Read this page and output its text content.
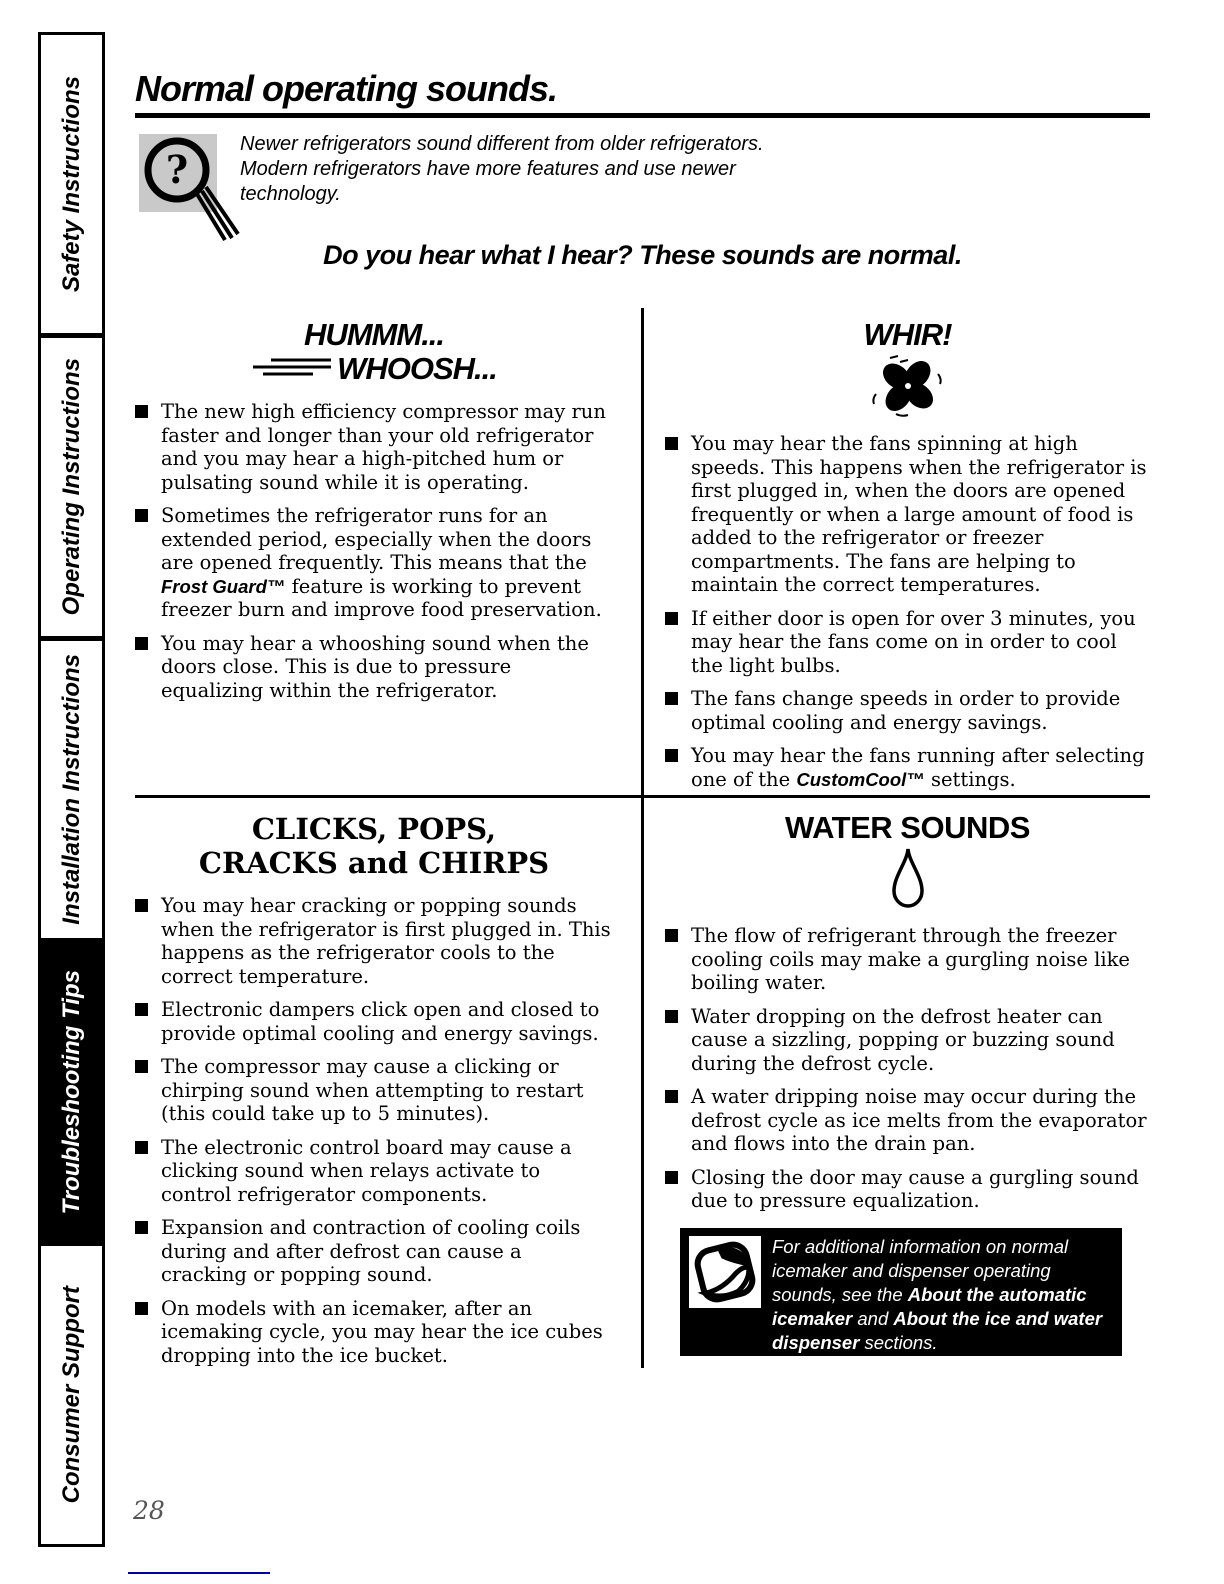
Safety Instructions
Operating Instructions
Installation Instructions
Troubleshooting Tips
Consumer Support
Normal operating sounds.
?

Newer refrigerators sound different from older refrigerators. Modern refrigerators have more features and use newer technology.

Do you hear what I hear? These sounds are normal.
HUMMM...
WHOOSH...
The new high efficiency compressor may run faster and longer than your old refrigerator and you may hear a high-pitched hum or pulsating sound while it is operating.
Sometimes the refrigerator runs for an extended period, especially when the doors are opened frequently. This means that the Frost Guard™ feature is working to prevent freezer burn and improve food preservation.
You may hear a whooshing sound when the doors close. This is due to pressure equalizing within the refrigerator.
WHIR!
You may hear the fans spinning at high speeds. This happens when the refrigerator is first plugged in, when the doors are opened frequently or when a large amount of food is added to the refrigerator or freezer compartments. The fans are helping to maintain the correct temperatures.
If either door is open for over 3 minutes, you may hear the fans come on in order to cool the light bulbs.
The fans change speeds in order to provide optimal cooling and energy savings.
You may hear the fans running after selecting one of the CustomCool™ settings.
CLICKS, POPS,
CRACKS and CHIRPS
You may hear cracking or popping sounds when the refrigerator is first plugged in. This happens as the refrigerator cools to the correct temperature.
Electronic dampers click open and closed to provide optimal cooling and energy savings.
The compressor may cause a clicking or chirping sound when attempting to restart (this could take up to 5 minutes).
The electronic control board may cause a clicking sound when relays activate to control refrigerator components.
Expansion and contraction of cooling coils during and after defrost can cause a cracking or popping sound.
On models with an icemaker, after an icemaking cycle, you may hear the ice cubes dropping into the ice bucket.
WATER SOUNDS
The flow of refrigerant through the freezer cooling coils may make a gurgling noise like boiling water.
Water dropping on the defrost heater can cause a sizzling, popping or buzzing sound during the defrost cycle.
A water dripping noise may occur during the defrost cycle as ice melts from the evaporator and flows into the drain pan.
Closing the door may cause a gurgling sound due to pressure equalization.

For additional information on normal icemaker and dispenser operating sounds, see the About the automatic icemaker and About the ice and water dispenser sections.

28
